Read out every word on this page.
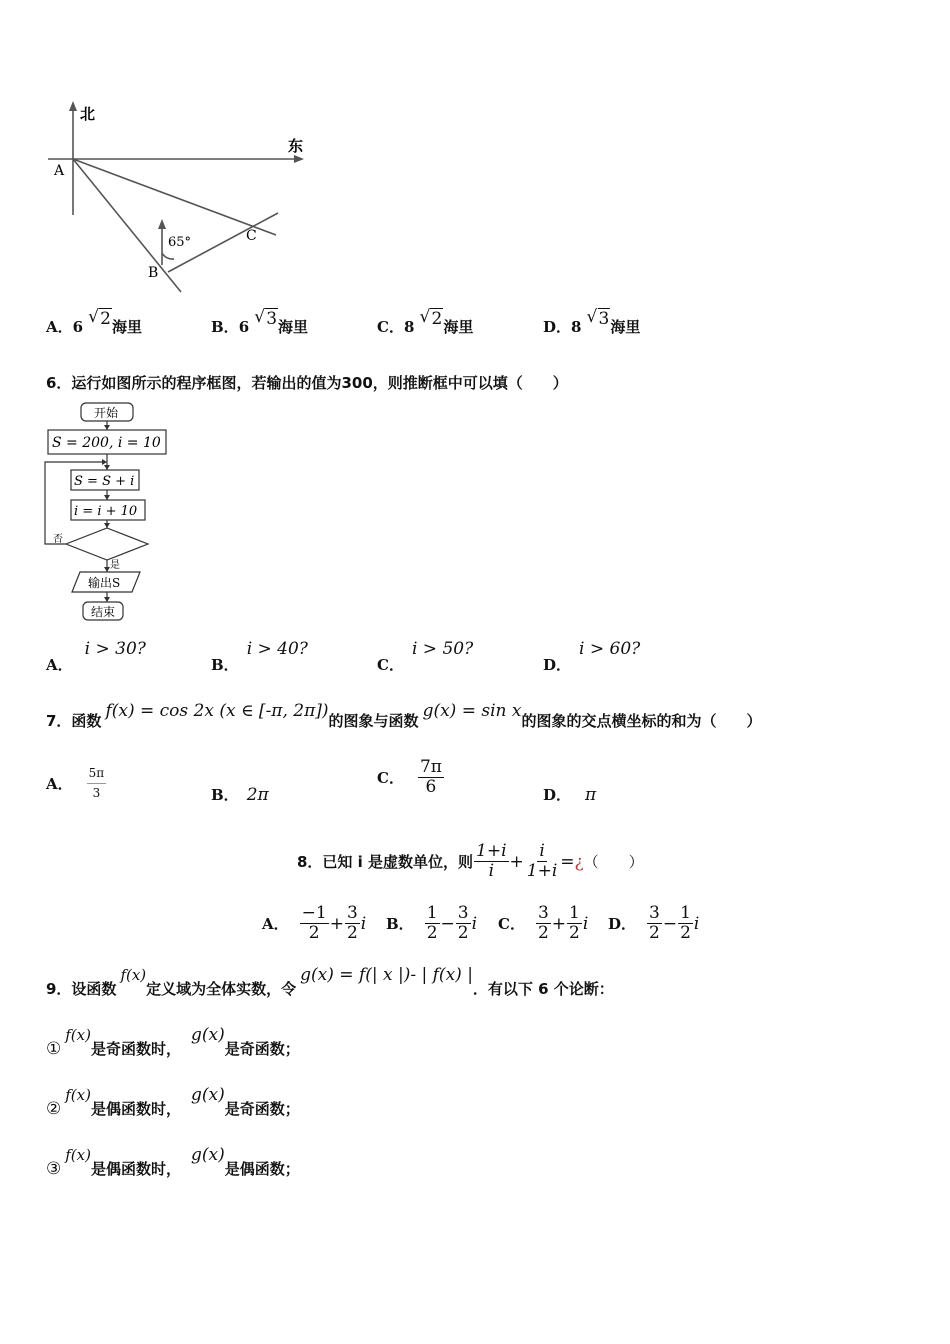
北
东
A
B
C
65°
A．6 √ 2海里	B．6 √ 3海里	C．8 √ 2海里	D．8 √ 3海里
6．运行如图所示的程序框图，若输出的值为300，则推断框中可以填（　　）
开始
S = 200, i = 10
S = S + i
i = i + 10
否
是
输出S
结束
A．i > 30?
B．i > 40?
C．i > 50?
D．i > 60?
7．函数 f(x) = cos 2x (x ∈ [-π, 2π])的图象与函数 g(x) = sin x的图象的交点横坐标的和为（　　）
A． $\frac{5\pi}{3}$	B． 2π
C． $\frac{7\pi}{6}$	D． π
8．已知 i 是虚数单位，则 $\frac{1+i}{i} + \frac{i}{1+i}$ = ¿ （　　）
A． $\frac{-1}{2} + \frac{3}{2}$ i B． $\frac{1}{2} - \frac{3}{2}$ i C． $\frac{3}{2} + \frac{1}{2}$ i D． $\frac{3}{2} - \frac{1}{2}$ i
9．设函数f(x)定义域为全体实数，令g(x) = f(| x |)- | f(x) |．有以下 6 个论断：
①f(x)是奇函数时，g(x)是奇函数；
②f(x)是偶函数时，g(x)是奇函数；
③f(x)是偶函数时，g(x)是偶函数；
